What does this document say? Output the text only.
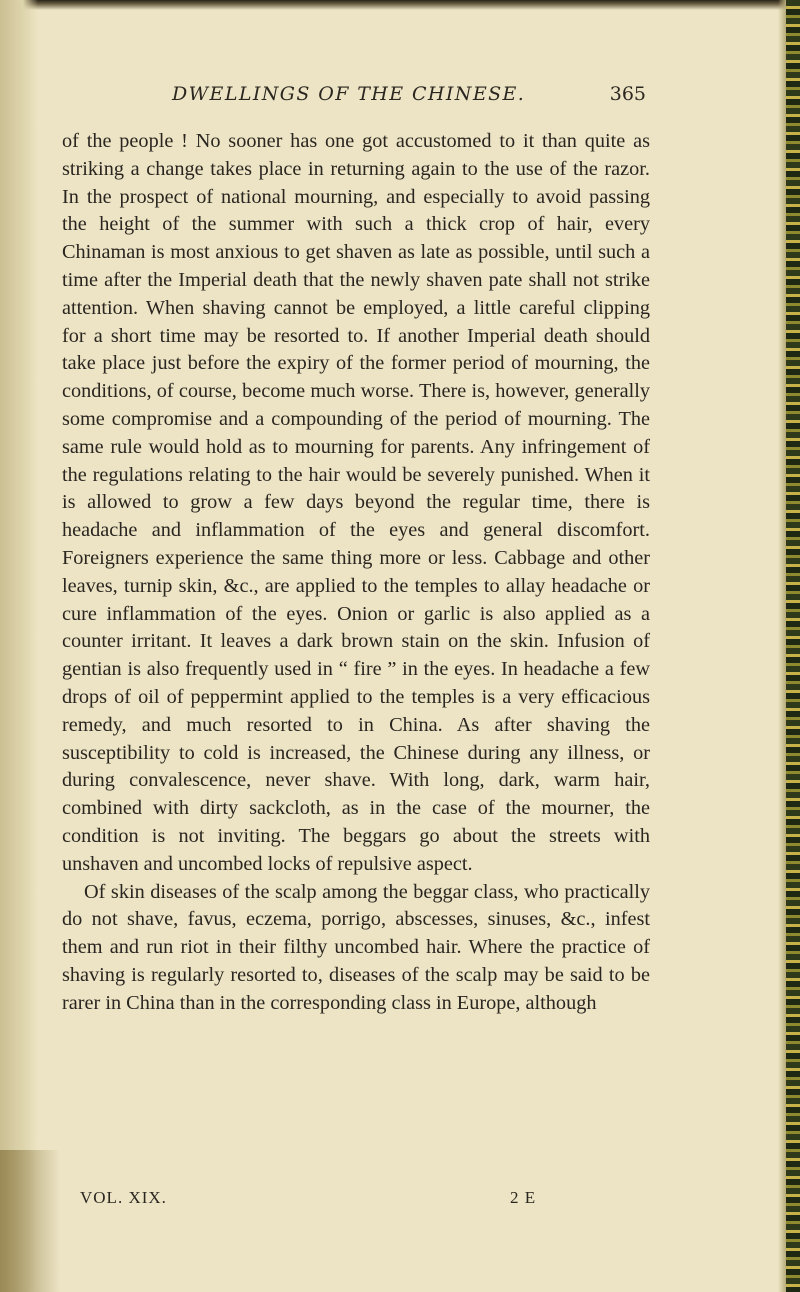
DWELLINGS OF THE CHINESE.	365

of the people ! No sooner has one got accustomed to it than quite as striking a change takes place in returning again to the use of the razor. In the prospect of national mourning, and especially to avoid passing the height of the summer with such a thick crop of hair, every Chinaman is most anxious to get shaven as late as possible, until such a time after the Imperial death that the newly shaven pate shall not strike attention. When shaving cannot be employed, a little careful clipping for a short time may be resorted to. If another Imperial death should take place just before the expiry of the former period of mourning, the conditions, of course, become much worse. There is, however, generally some compromise and a compounding of the period of mourning. The same rule would hold as to mourning for parents. Any infringement of the regulations relating to the hair would be severely punished. When it is allowed to grow a few days beyond the regular time, there is headache and inflammation of the eyes and general discomfort. Foreigners experience the same thing more or less. Cabbage and other leaves, turnip skin, &c., are applied to the temples to allay headache or cure inflammation of the eyes. Onion or garlic is also applied as a counter irritant. It leaves a dark brown stain on the skin. Infusion of gentian is also frequently used in “ fire ” in the eyes. In headache a few drops of oil of peppermint applied to the temples is a very efficacious remedy, and much resorted to in China. As after shaving the susceptibility to cold is increased, the Chinese during any illness, or during convalescence, never shave. With long, dark, warm hair, combined with dirty sackcloth, as in the case of the mourner, the condition is not inviting. The beggars go about the streets with unshaven and uncombed locks of repulsive aspect.

Of skin diseases of the scalp among the beggar class, who practically do not shave, favus, eczema, porrigo, abscesses, sinuses, &c., infest them and run riot in their filthy uncombed hair. Where the practice of shaving is regularly resorted to, diseases of the scalp may be said to be rarer in China than in the corresponding class in Europe, although

VOL. XIX.	2 E
